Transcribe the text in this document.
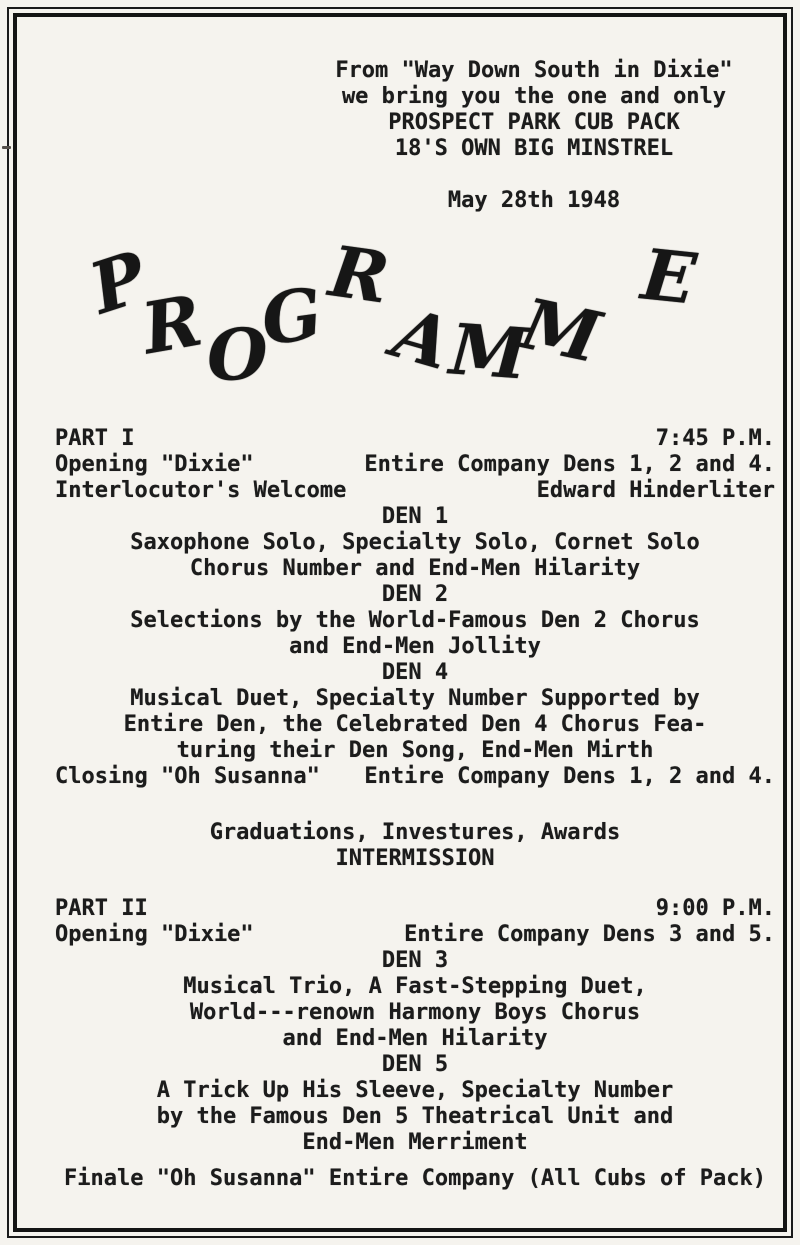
From "Way Down South in Dixie"
we bring you the one and only
PROSPECT PARK CUB PACK
18'S OWN BIG MINSTREL
May 28th 1948
P
R
O
G
R
A
M
M
E
PART I	7:45 P.M.
Opening "Dixie"	Entire Company Dens 1, 2 and 4.
Interlocutor's Welcome	Edward Hinderliter
DEN 1
Saxophone Solo, Specialty Solo, Cornet Solo
Chorus Number and End-Men Hilarity
DEN 2
Selections by the World-Famous Den 2 Chorus
and End-Men Jollity
DEN 4
Musical Duet, Specialty Number Supported by
Entire Den, the Celebrated Den 4 Chorus Fea-
turing their Den Song, End-Men Mirth
Closing "Oh Susanna" Entire Company Dens 1, 2 and 4.
Graduations, Investures, Awards
INTERMISSION
PART II	9:00 P.M.
Opening "Dixie"	Entire Company Dens 3 and 5.
DEN 3
Musical Trio, A Fast-Stepping Duet,
World---renown Harmony Boys Chorus
and End-Men Hilarity
DEN 5
A Trick Up His Sleeve, Specialty Number
by the Famous Den 5 Theatrical Unit and
End-Men Merriment
Finale "Oh Susanna" Entire Company (All Cubs of Pack)
